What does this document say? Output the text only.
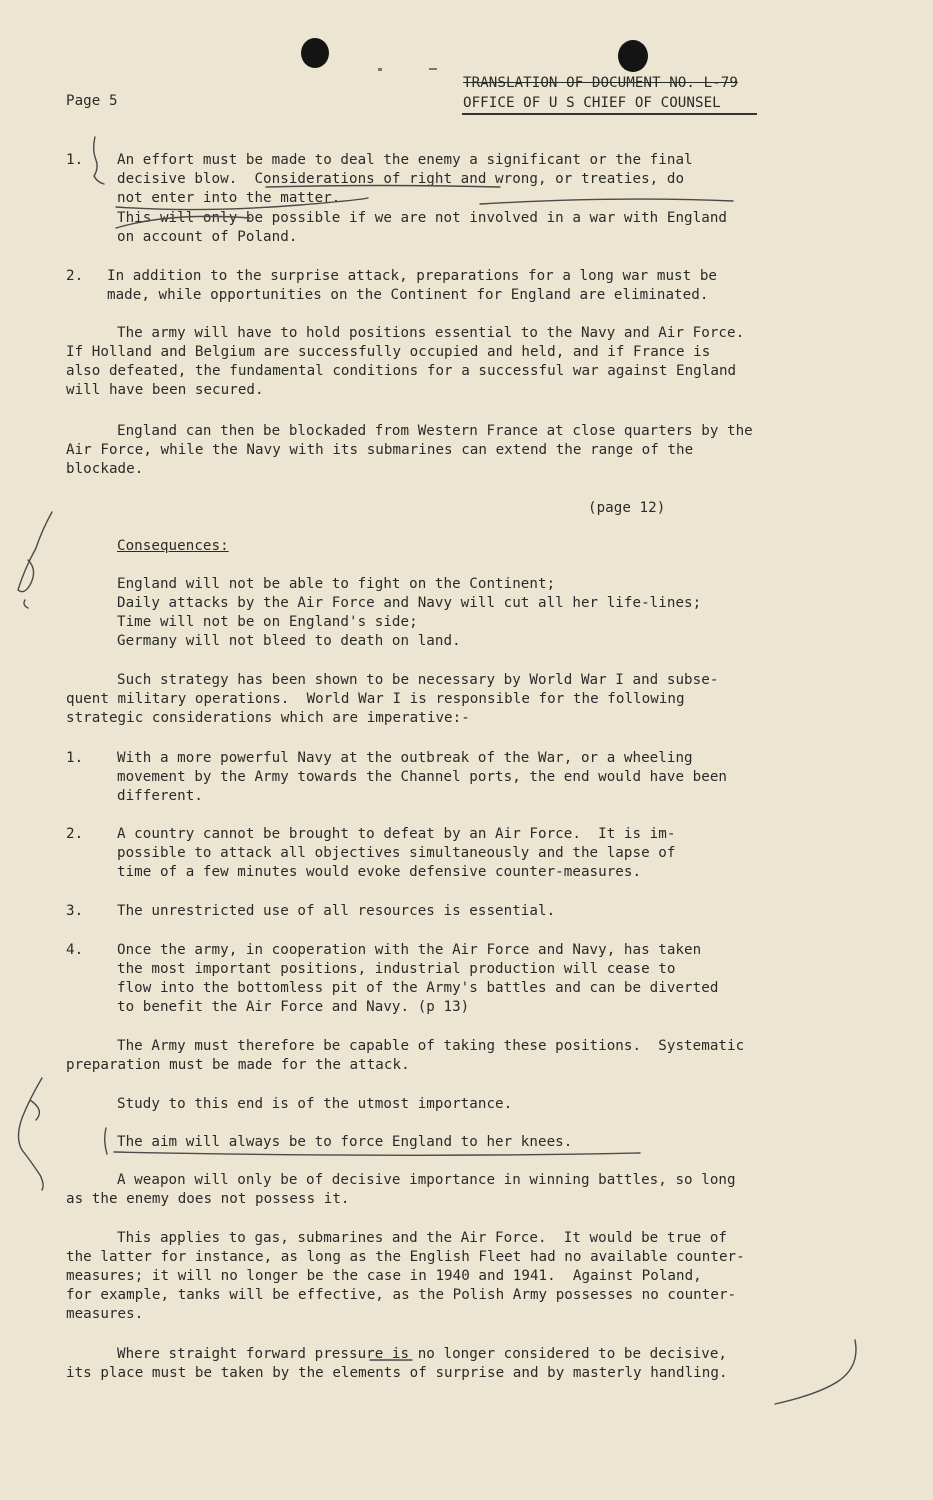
Page 5
TRANSLATION OF DOCUMENT NO. L-79
OFFICE OF U S CHIEF OF COUNSEL
1. An effort must be made to deal the enemy a significant or the final
decisive blow.  Considerations of right and wrong, or treaties, do
not enter into the matter.
This will only be possible if we are not involved in a war with England
on account of Poland.
2. In addition to the surprise attack, preparations for a long war must be
made, while opportunities on the Continent for England are eliminated.
The army will have to hold positions essential to the Navy and Air Force.
If Holland and Belgium are successfully occupied and held, and if France is
also defeated, the fundamental conditions for a successful war against England
will have been secured.
England can then be blockaded from Western France at close quarters by the
Air Force, while the Navy with its submarines can extend the range of the
blockade.
(page 12)
Consequences:
England will not be able to fight on the Continent;
Daily attacks by the Air Force and Navy will cut all her life-lines;
Time will not be on England's side;
Germany will not bleed to death on land.
Such strategy has been shown to be necessary by World War I and subse-
quent military operations.  World War I is responsible for the following
strategic considerations which are imperative:-
1. With a more powerful Navy at the outbreak of the War, or a wheeling
movement by the Army towards the Channel ports, the end would have been
different.
2. A country cannot be brought to defeat by an Air Force.  It is im-
possible to attack all objectives simultaneously and the lapse of
time of a few minutes would evoke defensive counter-measures.
3. The unrestricted use of all resources is essential.
4. Once the army, in cooperation with the Air Force and Navy, has taken
the most important positions, industrial production will cease to
flow into the bottomless pit of the Army's battles and can be diverted
to benefit the Air Force and Navy. (p 13)
The Army must therefore be capable of taking these positions.  Systematic
preparation must be made for the attack.
Study to this end is of the utmost importance.
The aim will always be to force England to her knees.
A weapon will only be of decisive importance in winning battles, so long
as the enemy does not possess it.
This applies to gas, submarines and the Air Force.  It would be true of
the latter for instance, as long as the English Fleet had no available counter-
measures; it will no longer be the case in 1940 and 1941.  Against Poland,
for example, tanks will be effective, as the Polish Army possesses no counter-
measures.
Where straight forward pressure is no longer considered to be decisive,
its place must be taken by the elements of surprise and by masterly handling.
